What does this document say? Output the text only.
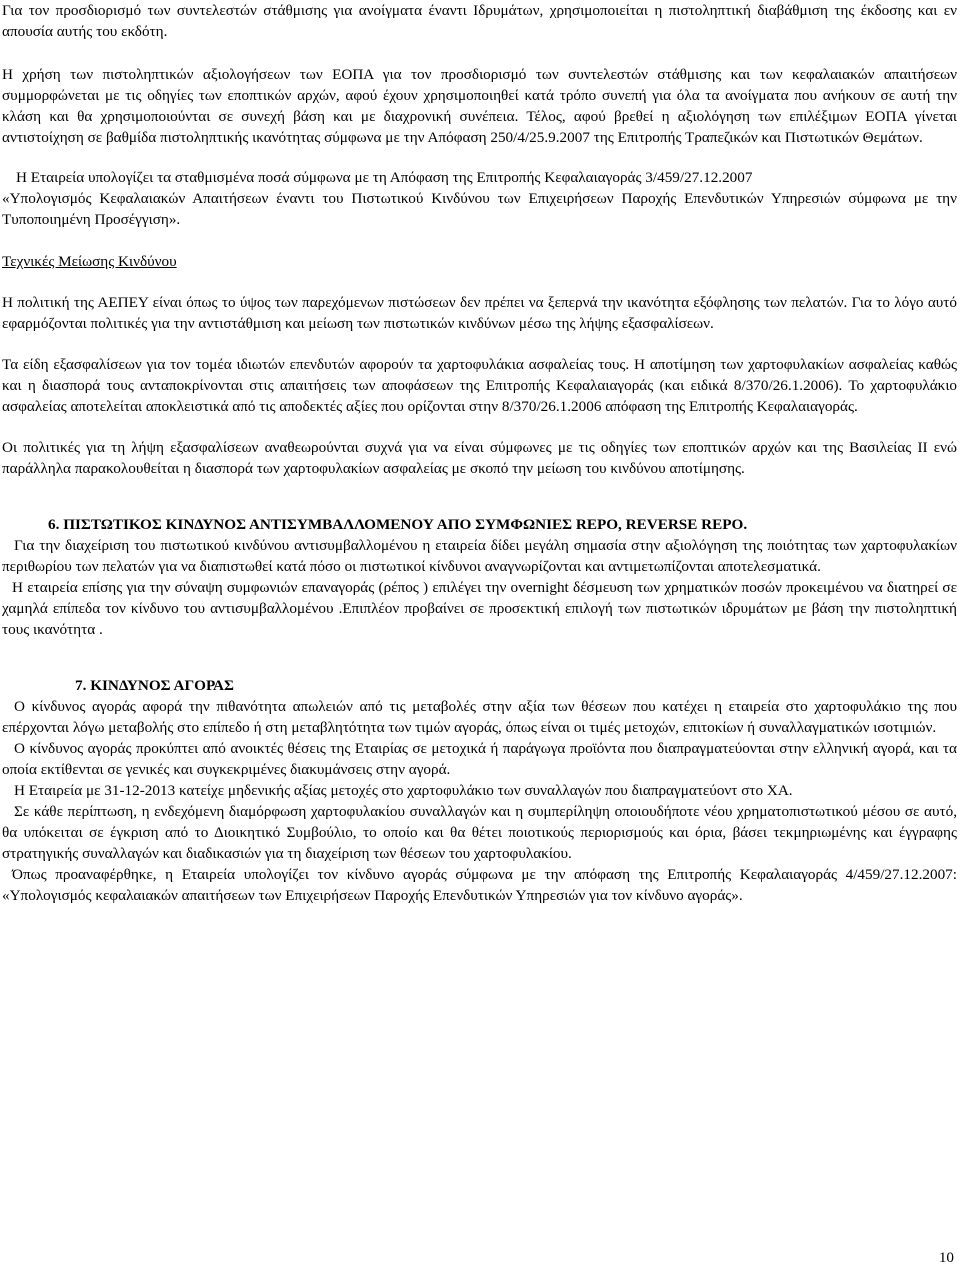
Για τον προσδιορισμό των συντελεστών στάθμισης για ανοίγματα έναντι Ιδρυμάτων, χρησιμοποιείται η πιστοληπτική διαβάθμιση της έκδοσης και εν απουσία αυτής του εκδότη.

Η χρήση των πιστοληπτικών αξιολογήσεων των ΕΟΠΑ για τον προσδιορισμό των συντελεστών στάθμισης και των κεφαλαιακών απαιτήσεων συμμορφώνεται με τις οδηγίες των εποπτικών αρχών, αφού έχουν χρησιμοποιηθεί κατά τρόπο συνεπή για όλα τα ανοίγματα που ανήκουν σε αυτή την κλάση και θα χρησιμοποιούνται σε συνεχή βάση και με διαχρονική συνέπεια. Τέλος, αφού βρεθεί η αξιολόγηση των επιλέξιμων ΕΟΠΑ γίνεται αντιστοίχηση σε βαθμίδα πιστοληπτικής ικανότητας σύμφωνα με την Απόφαση 250/4/25.9.2007 της Επιτροπής Τραπεζικών και Πιστωτικών Θεμάτων.

Η Εταιρεία υπολογίζει τα σταθμισμένα ποσά σύμφωνα με τη Απόφαση της Επιτροπής Κεφαλαιαγοράς 3/459/27.12.2007

«Υπολογισμός Κεφαλαιακών Απαιτήσεων έναντι του Πιστωτικού Κινδύνου των Επιχειρήσεων Παροχής Επενδυτικών Υπηρεσιών σύμφωνα με την Τυποποιημένη Προσέγγιση».

Τεχνικές Μείωσης Κινδύνου

Η πολιτική της ΑΕΠΕΥ είναι όπως το ύψος των παρεχόμενων πιστώσεων δεν πρέπει να ξεπερνά την ικανότητα εξόφλησης των πελατών. Για το λόγο αυτό εφαρμόζονται πολιτικές για την αντιστάθμιση και μείωση των πιστωτικών κινδύνων μέσω της λήψης εξασφαλίσεων.

Τα είδη εξασφαλίσεων για τον τομέα ιδιωτών επενδυτών αφορούν τα χαρτοφυλάκια ασφαλείας τους. Η αποτίμηση των χαρτοφυλακίων ασφαλείας καθώς και η διασπορά τους ανταποκρίνονται στις απαιτήσεις των αποφάσεων της Επιτροπής Κεφαλαιαγοράς (και ειδικά 8/370/26.1.2006). Το χαρτοφυλάκιο ασφαλείας αποτελείται αποκλειστικά από τις αποδεκτές αξίες που ορίζονται στην 8/370/26.1.2006 απόφαση της Επιτροπής Κεφαλαιαγοράς.

Οι πολιτικές για τη λήψη εξασφαλίσεων αναθεωρούνται συχνά για να είναι σύμφωνες με τις οδηγίες των εποπτικών αρχών και της Βασιλείας ΙΙ ενώ παράλληλα παρακολουθείται η διασπορά των χαρτοφυλακίων ασφαλείας με σκοπό την μείωση του κινδύνου αποτίμησης.

6. ΠΙΣΤΩΤΙΚΟΣ ΚΙΝΔΥΝΟΣ ΑΝΤΙΣΥΜΒΑΛΛΟΜΕΝΟΥ ΑΠΟ ΣΥΜΦΩΝΙΕΣ REPO, REVERSE REPO.

Για την διαχείριση του πιστωτικού κινδύνου αντισυμβαλλομένου η εταιρεία δίδει μεγάλη σημασία στην αξιολόγηση της ποιότητας των χαρτοφυλακίων περιθωρίου των πελατών για να διαπιστωθεί κατά πόσο οι πιστωτικοί κίνδυνοι αναγνωρίζονται και αντιμετωπίζονται αποτελεσματικά.

Η εταιρεία επίσης για την σύναψη συμφωνιών επαναγοράς (ρέπος ) επιλέγει την overnight δέσμευση των χρηματικών ποσών προκειμένου να διατηρεί σε χαμηλά επίπεδα τον κίνδυνο του αντισυμβαλλομένου .Επιπλέον προβαίνει σε προσεκτική επιλογή των πιστωτικών ιδρυμάτων με βάση την πιστοληπτική τους ικανότητα .

7. ΚΙΝΔΥΝΟΣ ΑΓΟΡΑΣ

Ο κίνδυνος αγοράς αφορά την πιθανότητα απωλειών από τις μεταβολές στην αξία των θέσεων που κατέχει η εταιρεία στο χαρτοφυλάκιο της που επέρχονται λόγω μεταβολής στο επίπεδο ή στη μεταβλητότητα των τιμών αγοράς, όπως είναι οι τιμές μετοχών, επιτοκίων ή συναλλαγματικών ισοτιμιών.

Ο κίνδυνος αγοράς προκύπτει από ανοικτές θέσεις της Εταιρίας σε μετοχικά ή παράγωγα προϊόντα που διαπραγματεύονται στην ελληνική αγορά, και τα οποία εκτίθενται σε γενικές και συγκεκριμένες διακυμάνσεις στην αγορά.

Η Εταιρεία με 31-12-2013 κατείχε μηδενικής αξίας μετοχές στο χαρτοφυλάκιο των συναλλαγών που διαπραγματεύοντ στο ΧΑ.

Σε κάθε περίπτωση, η ενδεχόμενη διαμόρφωση χαρτοφυλακίου συναλλαγών και η συμπερίληψη οποιουδήποτε νέου χρηματοπιστωτικού μέσου σε αυτό, θα υπόκειται σε έγκριση από το Διοικητικό Συμβούλιο, το οποίο και θα θέτει ποιοτικούς περιορισμούς και όρια, βάσει τεκμηριωμένης και έγγραφης στρατηγικής συναλλαγών και διαδικασιών για τη διαχείριση των θέσεων του χαρτοφυλακίου.

Όπως προαναφέρθηκε, η Εταιρεία υπολογίζει τον κίνδυνο αγοράς σύμφωνα με την απόφαση της Επιτροπής Κεφαλαιαγοράς 4/459/27.12.2007: «Υπολογισμός κεφαλαιακών απαιτήσεων των Επιχειρήσεων Παροχής Επενδυτικών Υπηρεσιών για τον κίνδυνο αγοράς».

10
